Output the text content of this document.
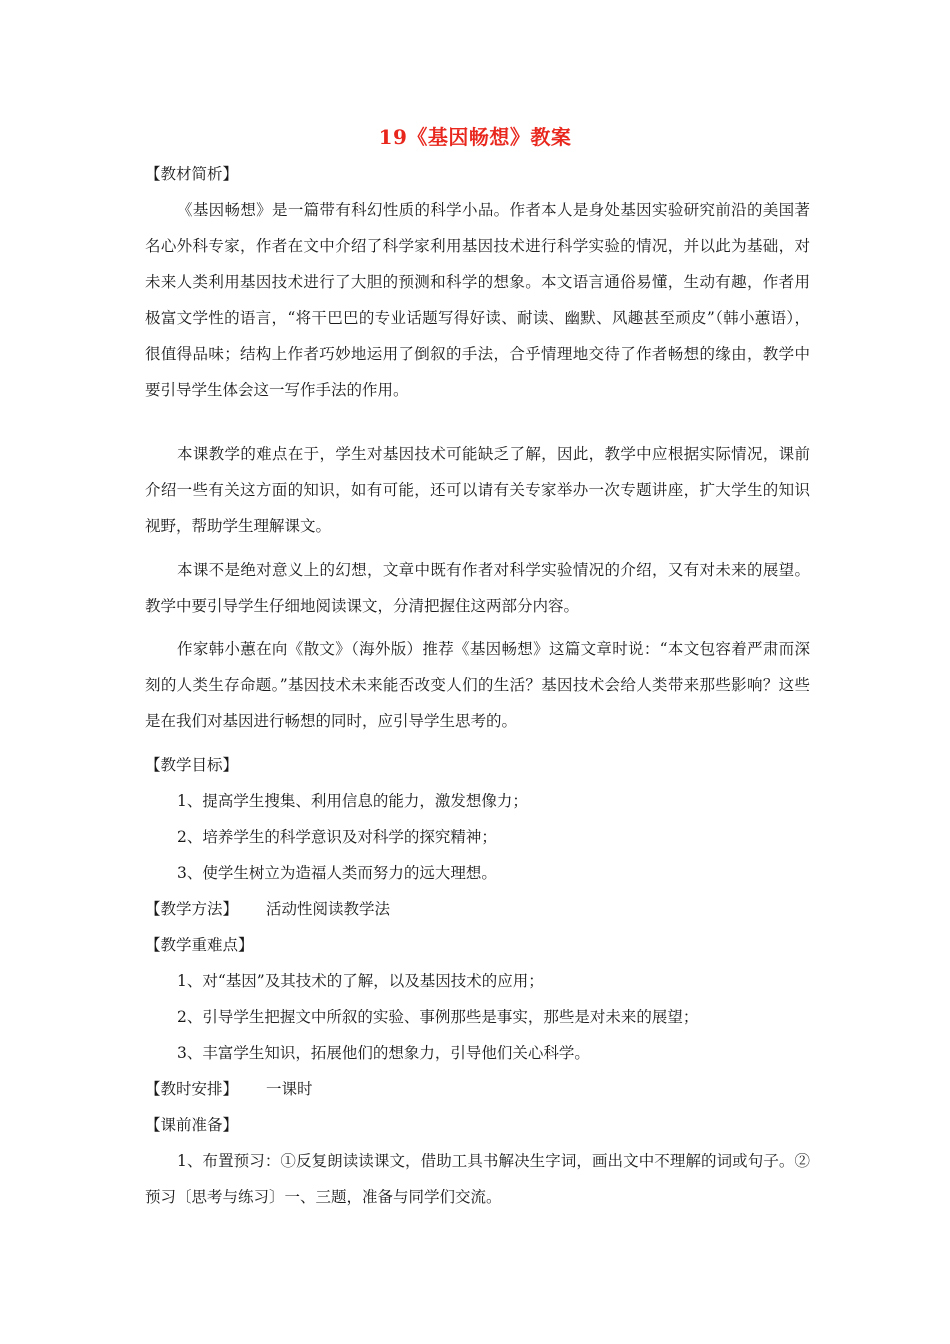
19《基因畅想》教案
【教材简析】
《基因畅想》是一篇带有科幻性质的科学小品。作者本人是身处基因实验研究前沿的美国著名心外科专家，作者在文中介绍了科学家利用基因技术进行科学实验的情况，并以此为基础，对未来人类利用基因技术进行了大胆的预测和科学的想象。本文语言通俗易懂，生动有趣，作者用极富文学性的语言，“将干巴巴的专业话题写得好读、耐读、幽默、风趣甚至顽皮”（韩小蕙语），很值得品味；结构上作者巧妙地运用了倒叙的手法，合乎情理地交待了作者畅想的缘由，教学中要引导学生体会这一写作手法的作用。
本课教学的难点在于，学生对基因技术可能缺乏了解，因此，教学中应根据实际情况，课前介绍一些有关这方面的知识，如有可能，还可以请有关专家举办一次专题讲座，扩大学生的知识视野，帮助学生理解课文。
本课不是绝对意义上的幻想，文章中既有作者对科学实验情况的介绍，又有对未来的展望。教学中要引导学生仔细地阅读课文，分清把握住这两部分内容。
作家韩小蕙在向《散文》（海外版）推荐《基因畅想》这篇文章时说：“本文包容着严肃而深刻的人类生存命题。”基因技术未来能否改变人们的生活？基因技术会给人类带来那些影响？这些是在我们对基因进行畅想的同时，应引导学生思考的。
【教学目标】
1、提高学生搜集、利用信息的能力，激发想像力；
2、培养学生的科学意识及对科学的探究精神；
3、使学生树立为造福人类而努力的远大理想。
【教学方法】 活动性阅读教学法
【教学重难点】
1、对“基因”及其技术的了解，以及基因技术的应用；
2、引导学生把握文中所叙的实验、事例那些是事实，那些是对未来的展望；
3、丰富学生知识，拓展他们的想象力，引导他们关心科学。
【教时安排】 一课时
【课前准备】
1、布置预习：①反复朗读读课文，借助工具书解决生字词，画出文中不理解的词或句子。②预习〔思考与练习〕一、三题，准备与同学们交流。
